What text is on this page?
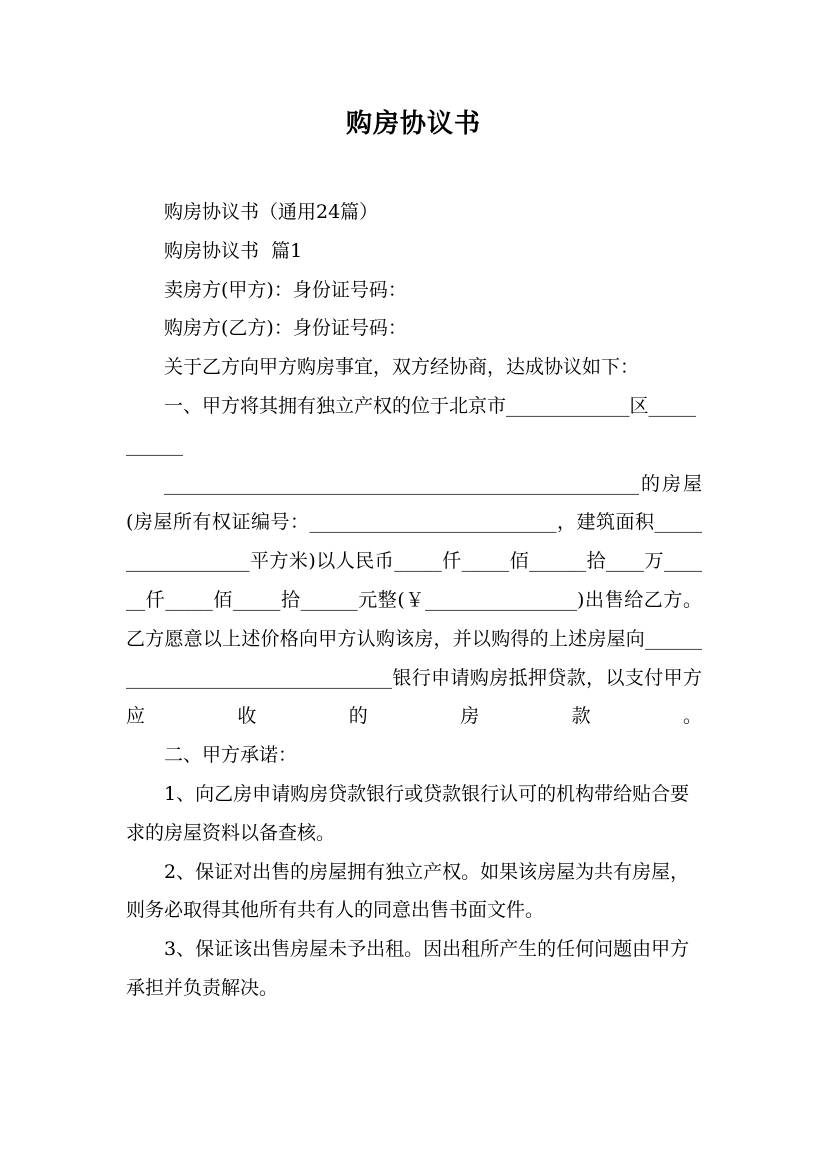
购房协议书

购房协议书（通用24篇）

购房协议书  篇1

卖房方(甲方)：身份证号码：

购房方(乙方)：身份证号码：

关于乙方向甲方购房事宜，双方经协商，达成协议如下：

一、甲方将其拥有独立产权的位于北京市_____________区___________

__________________________________________________的房屋(房屋所有权证编号：__________________________，建筑面积__________________平方米)以人民币_____仟_____佰______拾____万______仟_____佰_____拾______元整(￥________________)出售给乙方。乙方愿意以上述价格向甲方认购该房，并以购得的上述房屋向__________________________________银行申请购房抵押贷款，以支付甲方应收的房款。

二、甲方承诺：

1、向乙房申请购房贷款银行或贷款银行认可的机构带给贴合要求的房屋资料以备查核。

2、保证对出售的房屋拥有独立产权。如果该房屋为共有房屋，则务必取得其他所有共有人的同意出售书面文件。

3、保证该出售房屋未予出租。因出租所产生的任何问题由甲方承担并负责解决。
